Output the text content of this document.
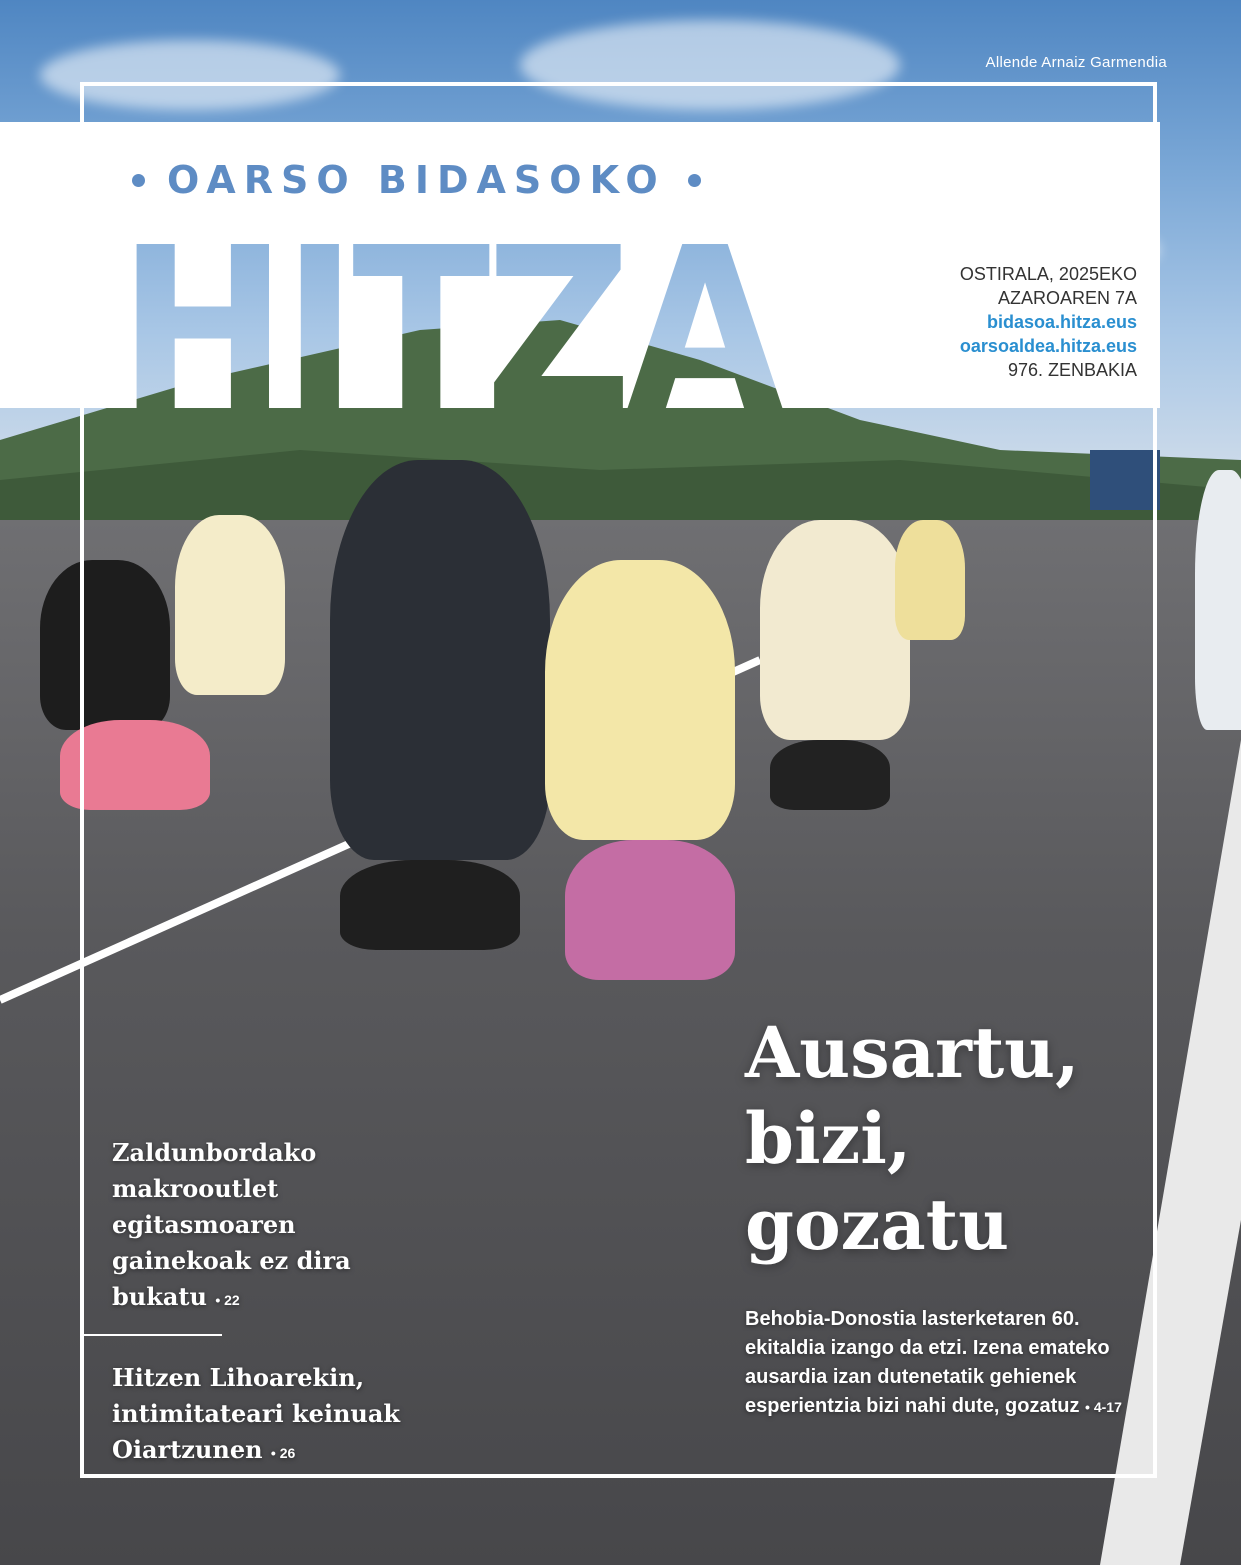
OARSO BIDASOKO
OSTIRALA, 2025EKO
AZAROAREN 7A
bidasoa.hitza.eus
oarsoaldea.hitza.eus
976. ZENBAKIA
Allende Arnaiz Garmendia
Ausartu,
bizi,
gozatu
Behobia-Donostia lasterketaren 60. ekitaldia izango da etzi. Izena emateko ausardia izan dutenetatik gehienek esperientzia bizi nahi dute, gozatuz • 4-17
Zaldunbordako makrooutlet egitasmoaren gainekoak ez dira bukatu • 22
Hitzen Lihoarekin, intimitateari keinuak Oiartzunen • 26
